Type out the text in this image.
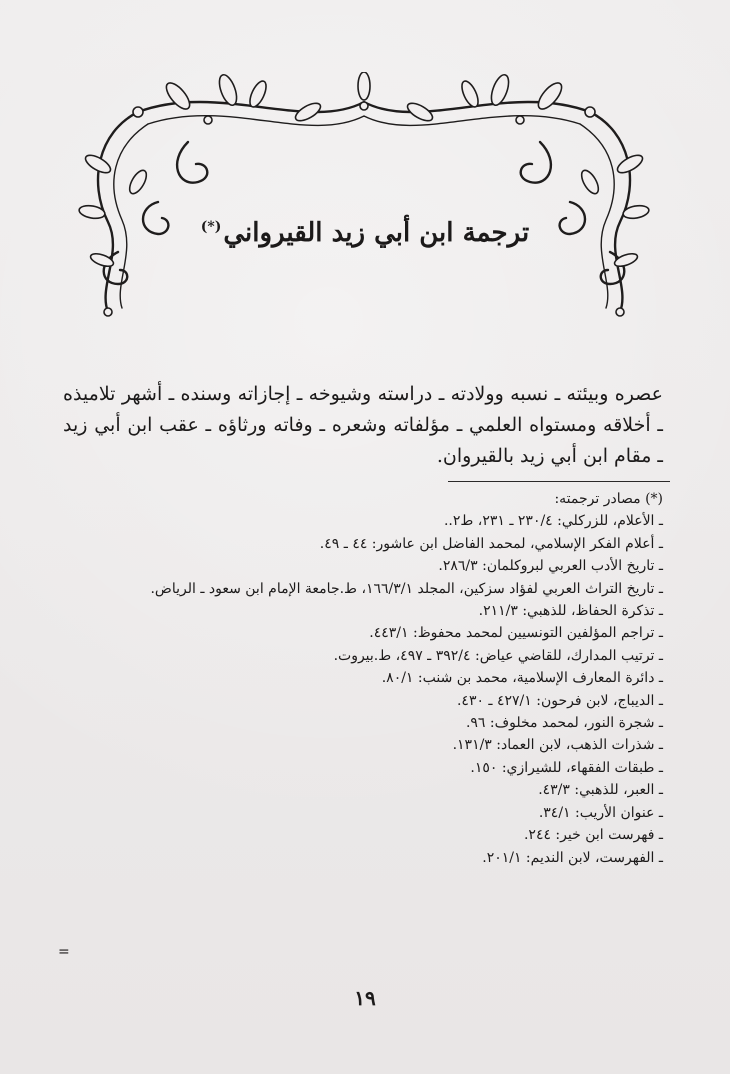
ترجمة ابن أبي زيد القيرواني(*)

عصره وبيئته ـ نسبه وولادته ـ دراسته وشيوخه ـ إجازاته وسنده ـ أشهر تلاميذه ـ أخلاقه ومستواه العلمي ـ مؤلفاته وشعره ـ وفاته ورثاؤه ـ عقب ابن أبي زيد ـ مقام ابن أبي زيد بالقيروان.

(*) مصادر ترجمته:
ـ الأعلام، للزركلي: ٢٣٠/٤ ـ ٢٣١، ط٢..
ـ أعلام الفكر الإسلامي، لمحمد الفاضل ابن عاشور: ٤٤ ـ ٤٩.
ـ تاريخ الأدب العربي لبروكلمان: ٢٨٦/٣.
ـ تاريخ التراث العربي لفؤاد سزكين، المجلد ١٦٦/٣/١، ط.جامعة الإمام ابن سعود ـ الرياض.
ـ تذكرة الحفاظ، للذهبي: ٢١١/٣.
ـ تراجم المؤلفين التونسيين لمحمد محفوظ: ٤٤٣/١.
ـ ترتيب المدارك، للقاضي عياض: ٣٩٢/٤ ـ ٤٩٧، ط.بيروت.
ـ دائرة المعارف الإسلامية، محمد بن شنب: ٨٠/١.
ـ الديباج، لابن فرحون: ٤٢٧/١ ـ ٤٣٠.
ـ شجرة النور، لمحمد مخلوف: ٩٦.
ـ شذرات الذهب، لابن العماد: ١٣١/٣.
ـ طبقات الفقهاء، للشيرازي: ١٥٠.
ـ العبر، للذهبي: ٤٣/٣.
ـ عنوان الأريب: ٣٤/١.
ـ فهرست ابن خير: ٢٤٤.
ـ الفهرست، لابن النديم: ٢٠١/١.
=
١٩
